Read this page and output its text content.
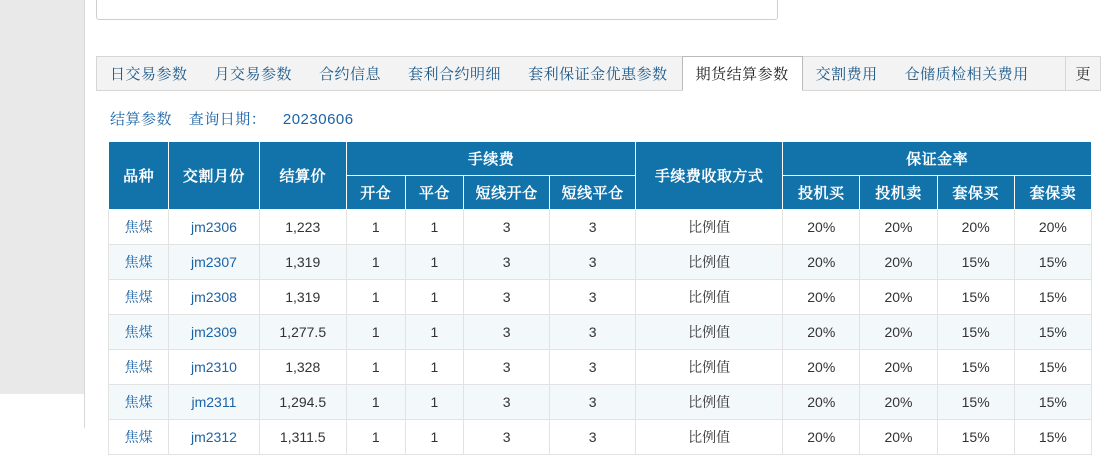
日交易参数 月交易参数 合约信息 套利合约明细 套利保证金优惠参数 期货结算参数 交割费用 仓储质检相关费用	更
结算参数 查询日期： 20230606
品种	交割月份	结算价	手续费				手续费收取方式	保证金率			
			开仓	平仓	短线开仓	短线平仓		投机买	投机卖	套保买	套保卖
焦煤	jm2306	1,223	1	1	3	3	比例值	20%	20%	20%	20%
焦煤	jm2307	1,319	1	1	3	3	比例值	20%	20%	15%	15%
焦煤	jm2308	1,319	1	1	3	3	比例值	20%	20%	15%	15%
焦煤	jm2309	1,277.5	1	1	3	3	比例值	20%	20%	15%	15%
焦煤	jm2310	1,328	1	1	3	3	比例值	20%	20%	15%	15%
焦煤	jm2311	1,294.5	1	1	3	3	比例值	20%	20%	15%	15%
焦煤	jm2312	1,311.5	1	1	3	3	比例值	20%	20%	15%	15%
